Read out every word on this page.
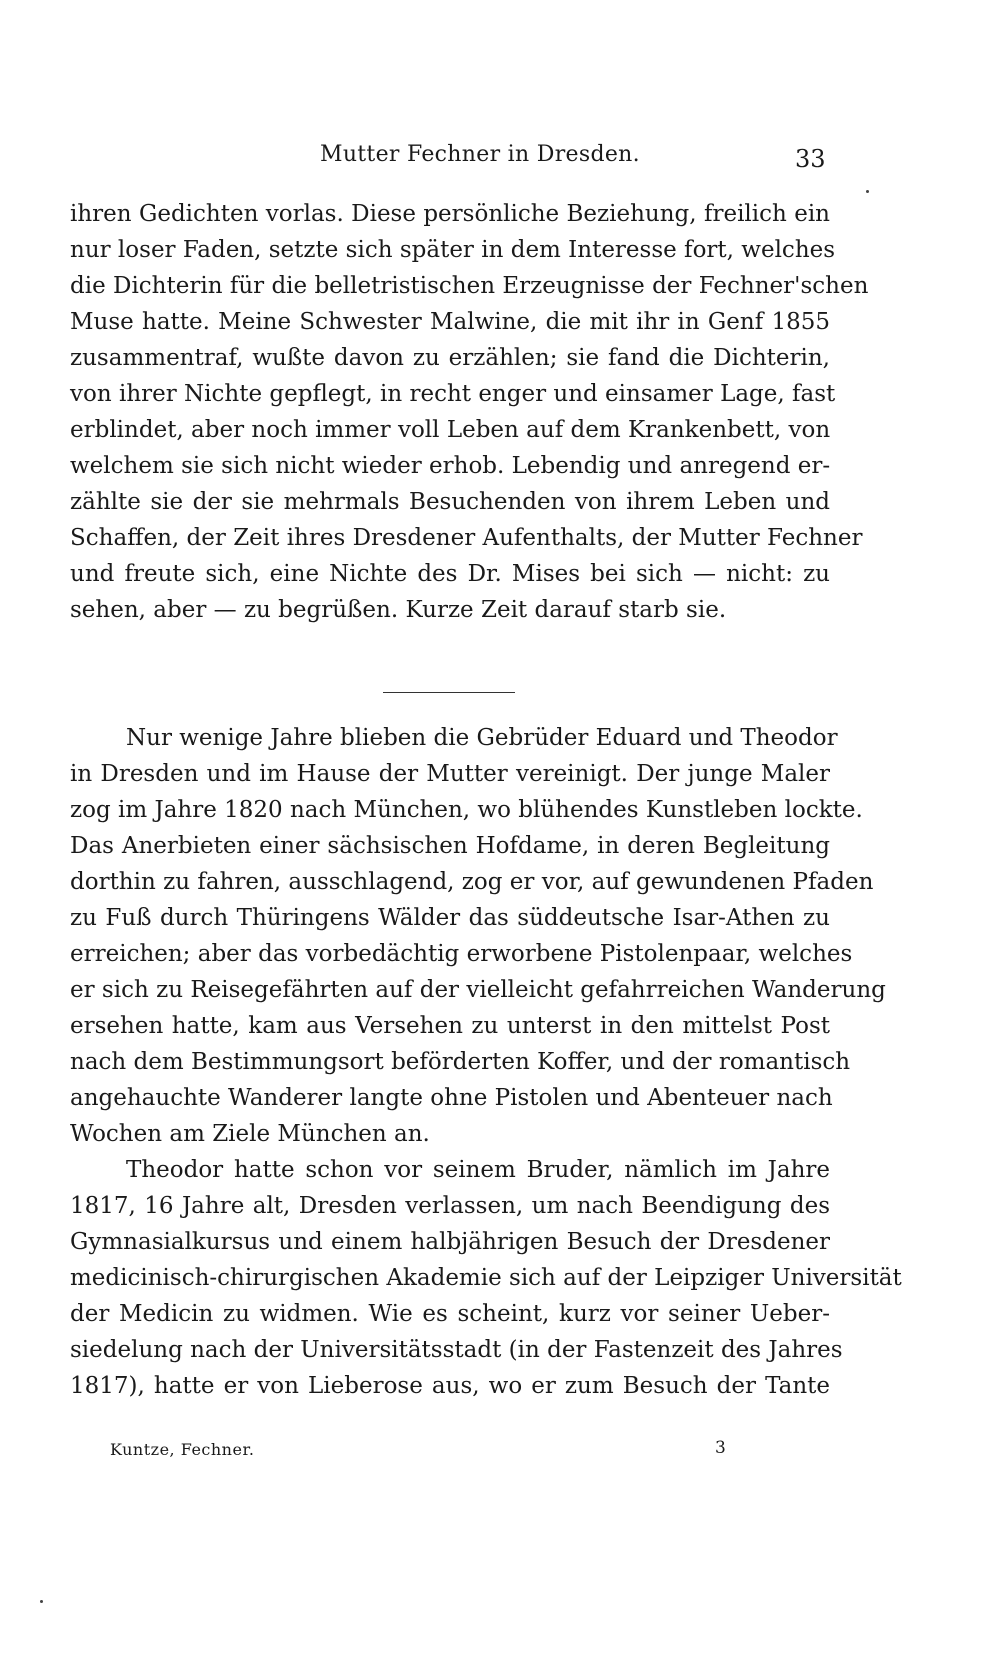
Mutter Fechner in Dresden.	33
ihren Gedichten vorlas. Diese persönliche Beziehung, freilich ein
nur loser Faden, setzte sich später in dem Interesse fort, welches
die Dichterin für die belletristischen Erzeugnisse der Fechner'schen
Muse hatte. Meine Schwester Malwine, die mit ihr in Genf 1855
zusammentraf, wußte davon zu erzählen; sie fand die Dichterin,
von ihrer Nichte gepflegt, in recht enger und einsamer Lage, fast
erblindet, aber noch immer voll Leben auf dem Krankenbett, von
welchem sie sich nicht wieder erhob. Lebendig und anregend er-
zählte sie der sie mehrmals Besuchenden von ihrem Leben und
Schaffen, der Zeit ihres Dresdener Aufenthalts, der Mutter Fechner
und freute sich, eine Nichte des Dr. Mises bei sich — nicht: zu
sehen, aber — zu begrüßen. Kurze Zeit darauf starb sie.
Nur wenige Jahre blieben die Gebrüder Eduard und Theodor
in Dresden und im Hause der Mutter vereinigt. Der junge Maler
zog im Jahre 1820 nach München, wo blühendes Kunstleben lockte.
Das Anerbieten einer sächsischen Hofdame, in deren Begleitung
dorthin zu fahren, ausschlagend, zog er vor, auf gewundenen Pfaden
zu Fuß durch Thüringens Wälder das süddeutsche Isar-Athen zu
erreichen; aber das vorbedächtig erworbene Pistolenpaar, welches
er sich zu Reisegefährten auf der vielleicht gefahrreichen Wanderung
ersehen hatte, kam aus Versehen zu unterst in den mittelst Post
nach dem Bestimmungsort beförderten Koffer, und der romantisch
angehauchte Wanderer langte ohne Pistolen und Abenteuer nach
Wochen am Ziele München an.
Theodor hatte schon vor seinem Bruder, nämlich im Jahre
1817, 16 Jahre alt, Dresden verlassen, um nach Beendigung des
Gymnasialkursus und einem halbjährigen Besuch der Dresdener
medicinisch-chirurgischen Akademie sich auf der Leipziger Universität
der Medicin zu widmen. Wie es scheint, kurz vor seiner Ueber-
siedelung nach der Universitätsstadt (in der Fastenzeit des Jahres
1817), hatte er von Lieberose aus, wo er zum Besuch der Tante
Kuntze, Fechner.	3
